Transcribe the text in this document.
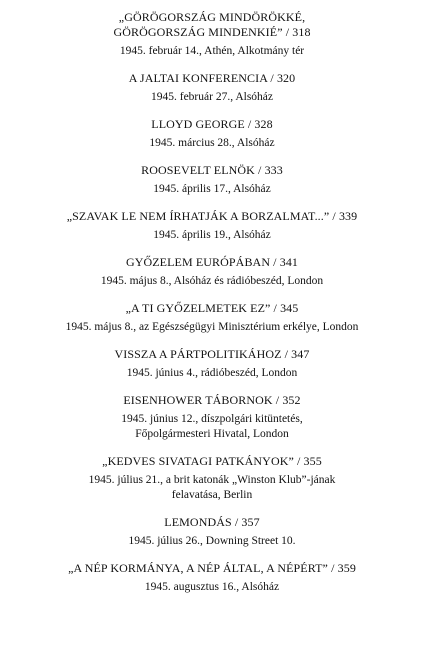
„GÖRÖGORSZÁG MINDÖRÖKKÉ,
GÖRÖGORSZÁG MINDENKIÉ” / 318
1945. február 14., Athén, Alkotmány tér
A JALTAI KONFERENCIA / 320
1945. február 27., Alsóház
LLOYD GEORGE / 328
1945. március 28., Alsóház
ROOSEVELT ELNÖK / 333
1945. április 17., Alsóház
„SZAVAK LE NEM ÍRHATJÁK A BORZALMAT...” / 339
1945. április 19., Alsóház
GYŐZELEM EURÓPÁBAN / 341
1945. május 8., Alsóház és rádióbeszéd, London
„A TI GYŐZELMETEK EZ” / 345
1945. május 8., az Egészségügyi Minisztérium erkélye, London
VISSZA A PÁRTPOLITIKÁHOZ / 347
1945. június 4., rádióbeszéd, London
EISENHOWER TÁBORNOK / 352
1945. június 12., díszpolgári kitüntetés,
Főpolgármesteri Hivatal, London
„KEDVES SIVATAGI PATKÁNYOK” / 355
1945. július 21., a brit katonák „Winston Klub”-jának
felavatása, Berlin
LEMONDÁS / 357
1945. július 26., Downing Street 10.
„A NÉP KORMÁNYA, A NÉP ÁLTAL, A NÉPÉRT” / 359
1945. augusztus 16., Alsóház
